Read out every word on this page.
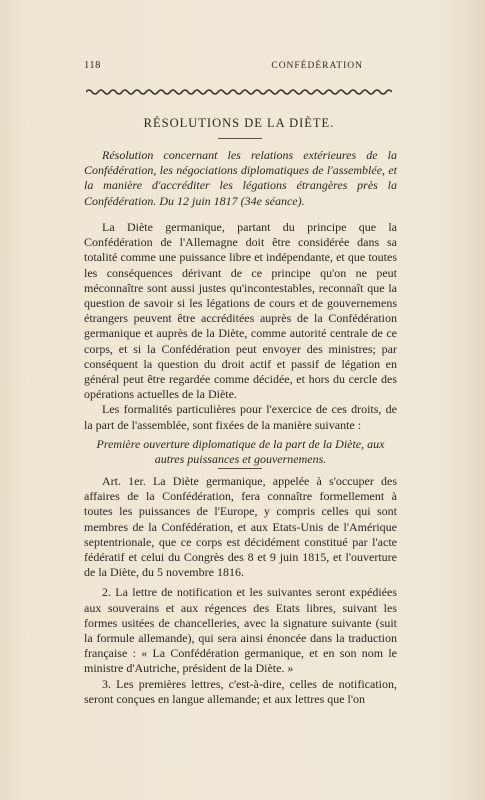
118	CONFÉDÉRATION
RÉSOLUTIONS DE LA DIÈTE.

Résolution concernant les relations extérieures de la Confédération, les négociations diplomatiques de l'assemblée, et la manière d'accréditer les légations étrangères près la Confédération. Du 12 juin 1817 (34e séance).

La Diète germanique, partant du principe que la Confédération de l'Allemagne doit être considérée dans sa totalité comme une puissance libre et indépendante, et que toutes les conséquences dérivant de ce principe qu'on ne peut méconnaître sont aussi justes qu'incontestables, reconnaît que la question de savoir si les légations de cours et de gouvernemens étrangers peuvent être accréditées auprès de la Confédération germanique et auprès de la Diète, comme autorité centrale de ce corps, et si la Confédération peut envoyer des ministres; par conséquent la question du droit actif et passif de légation en général peut être regardée comme décidée, et hors du cercle des opérations actuelles de la Diète.

Les formalités particulières pour l'exercice de ces droits, de la part de l'assemblée, sont fixées de la manière suivante :

Première ouverture diplomatique de la part de la Diète, aux autres puissances et gouvernemens.

Art. 1er. La Diète germanique, appelée à s'occuper des affaires de la Confédération, fera connaître formellement à toutes les puissances de l'Europe, y compris celles qui sont membres de la Confédération, et aux Etats-Unis de l'Amérique septentrionale, que ce corps est décidément constitué par l'acte fédératif et celui du Congrès des 8 et 9 juin 1815, et l'ouverture de la Diète, du 5 novembre 1816.

2. La lettre de notification et les suivantes seront expédiées aux souverains et aux régences des Etats libres, suivant les formes usitées de chancelleries, avec la signature suivante (suit la formule allemande), qui sera ainsi énoncée dans la traduction française : « La Confédération germanique, et en son nom le ministre d'Autriche, président de la Diète. »

3. Les premières lettres, c'est-à-dire, celles de notification, seront conçues en langue allemande; et aux lettres que l'on
